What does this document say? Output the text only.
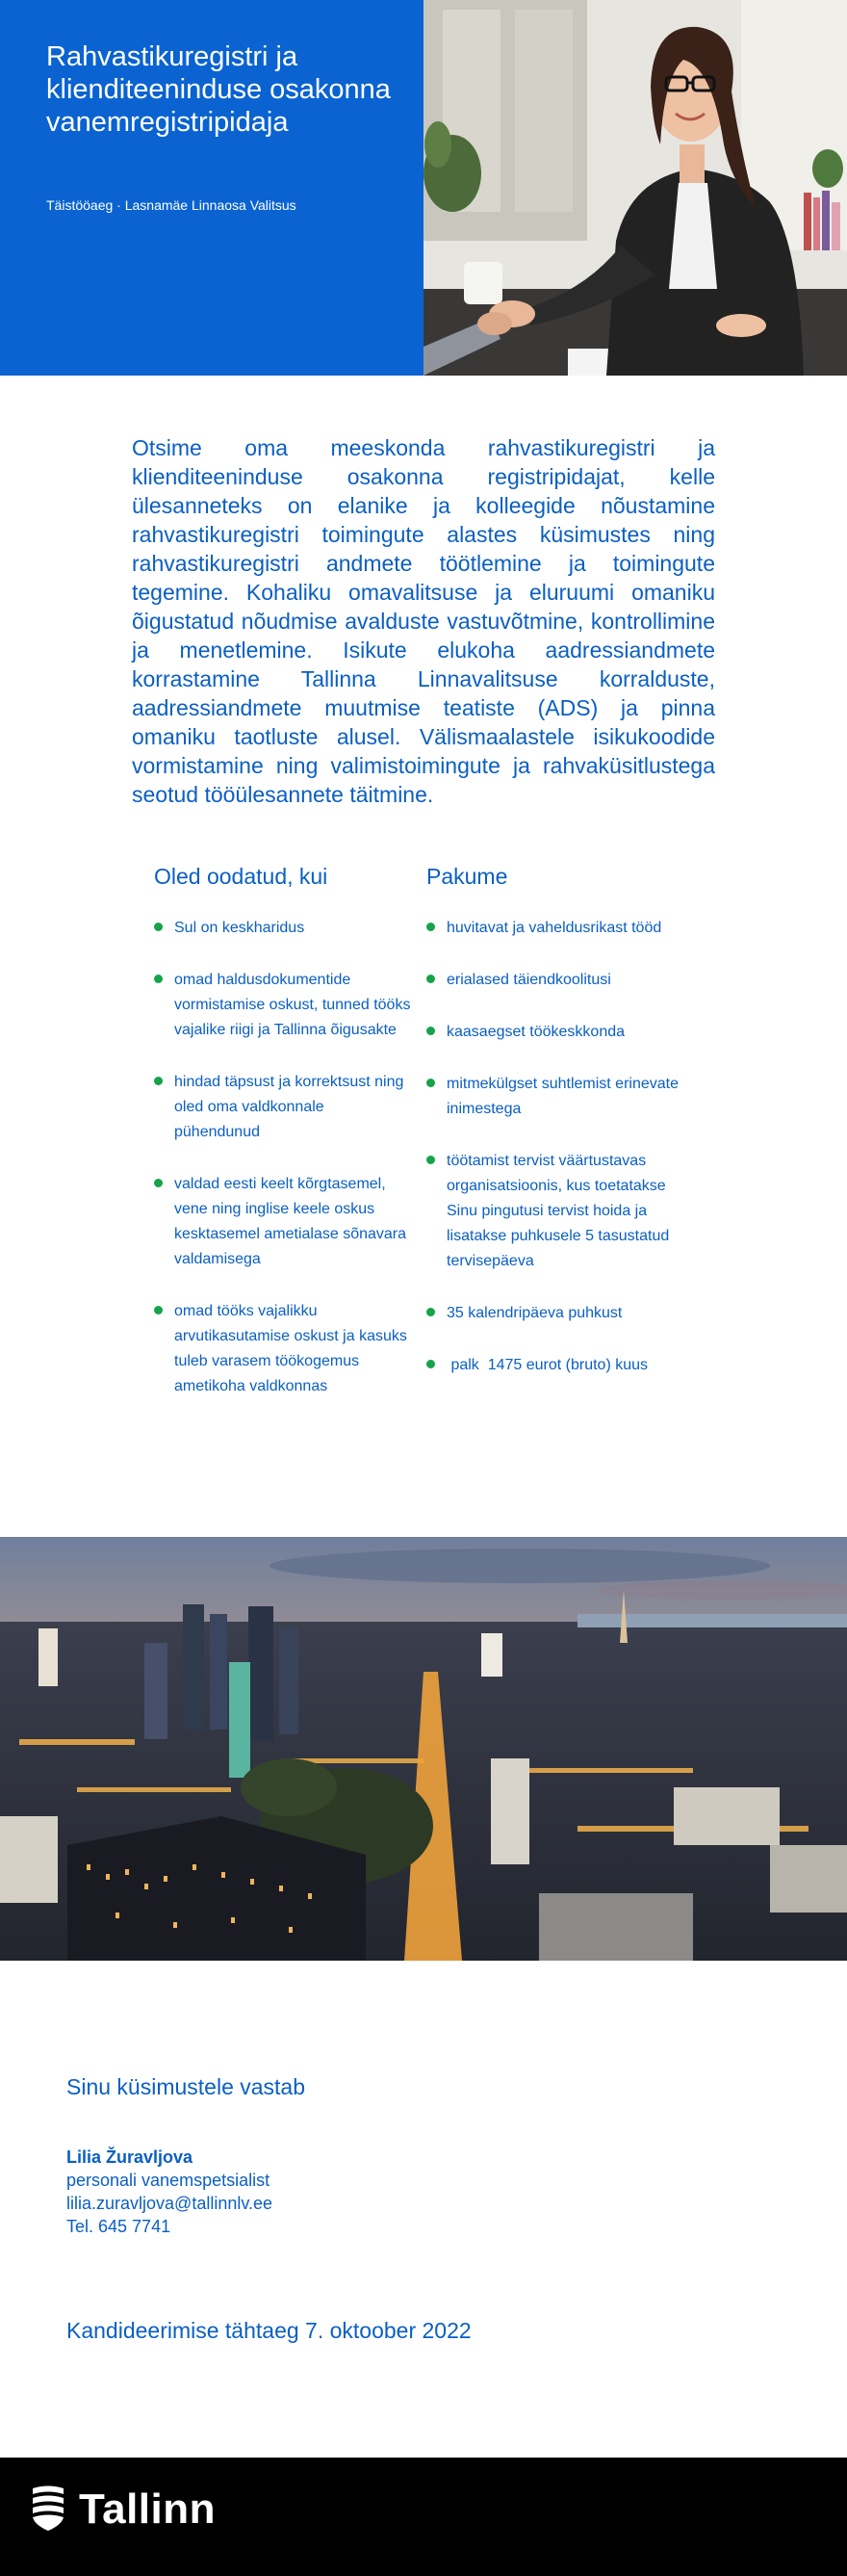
Rahvastikuregistri ja klienditeeninduse osakonna vanemregistripidaja
Täistööaeg · Lasnamäe Linnaosa Valitsus

Otsime oma meeskonda rahvastikuregistri ja klienditeeninduse osakonna registripidajat, kelle ülesanneteks on elanike ja kolleegide nõustamine rahvastikuregistri toimingute alastes küsimustes ning rahvastikuregistri andmete töötlemine ja toimingute tegemine. Kohaliku omavalitsuse ja eluruumi omaniku õigustatud nõudmise avalduste vastuvõtmine, kontrollimine ja menetlemine. Isikute elukoha aadressiandmete korrastamine Tallinna Linnavalitsuse korralduste, aadressiandmete muutmise teatiste (ADS) ja pinna omaniku taotluste alusel. Välismaalastele isikukoodide vormistamine ning valimistoimingute ja rahvaküsitlustega seotud tööülesannete täitmine.

Oled oodatud, kui
Sul on keskharidus
omad haldusdokumentide vormistamise oskust, tunned tööks vajalike riigi ja Tallinna õigusakte
hindad täpsust ja korrektsust ning oled oma valdkonnale pühendunud
valdad eesti keelt kõrgtasemel, vene ning inglise keele oskus kesktasemel ametialase sõnavara valdamisega
omad tööks vajalikku arvutikasutamise oskust ja kasuks tuleb varasem töökogemus ametikoha valdkonnas
Pakume
huvitavat ja vaheldusrikast tööd
erialased täiendkoolitusi
kaasaegset töökeskkonda
mitmekülgset suhtlemist erinevate inimestega
töötamist tervist väärtustavas organisatsioonis, kus toetatakse Sinu pingutusi tervist hoida ja lisatakse puhkusele 5 tasustatud tervisepäeva
35 kalendripäeva puhkust
palk  1475 eurot (bruto) kuus
Sinu küsimustele vastab
Lilia Žuravljova
personali vanemspetsialist
lilia.zuravljova@tallinnlv.ee
Tel. 645 7741
Kandideerimise tähtaeg 7. oktoober 2022
Tallinn
